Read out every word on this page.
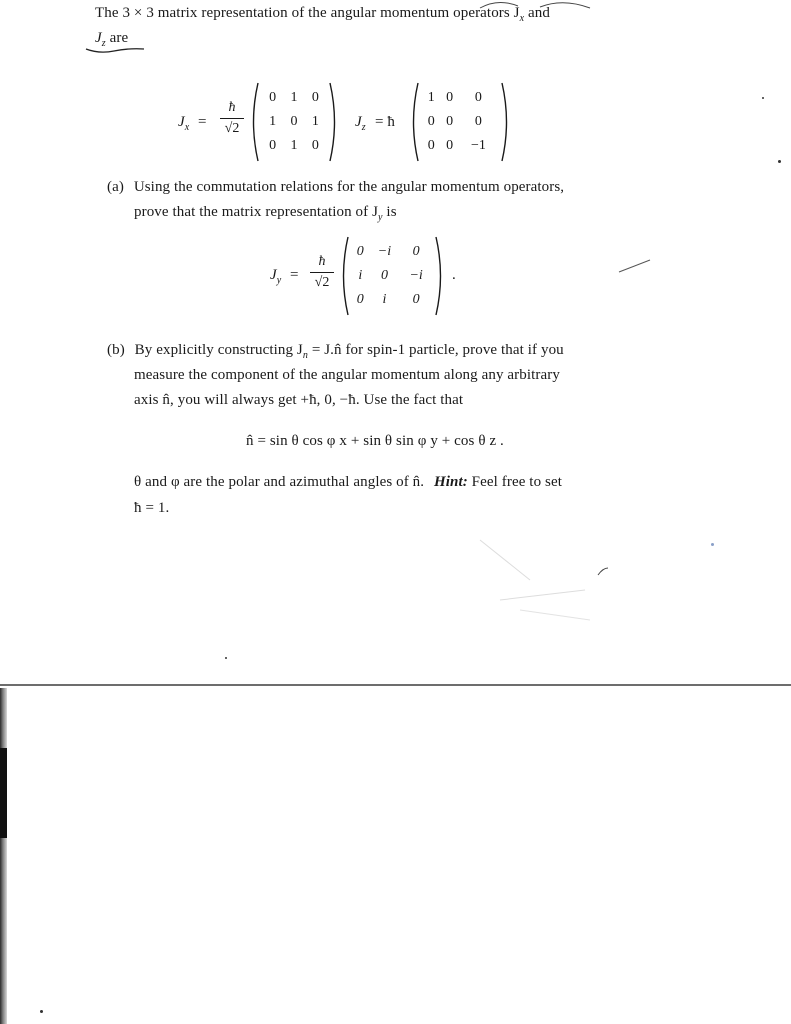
The 3 × 3 matrix representation of the angular momentum operators $J_x$ and
$J_z$ are
$J_x$ =
ħ
√2
0	1	0
1	0	1
0	1	0
$J_z$ = ħ
1	0	0
0	0	0
0	0	−1
(a) Using the commutation relations for the angular momentum operators,
prove that the matrix representation of $J_y$ is
$J_y$ =
ħ
√2
0	−i	0
i	0	−i
0	i	0
.
(b) By explicitly constructing $J_n$ = J.n̂ for spin-1 particle, prove that if you
measure the component of the angular momentum along any arbitrary
axis n̂, you will always get +ħ, 0, −ħ. Use the fact that
n̂ = sin θ cos φ x + sin θ sin φ y + cos θ z .
θ and φ are the polar and azimuthal angles of n̂. Hint: Feel free to set
ħ = 1.
